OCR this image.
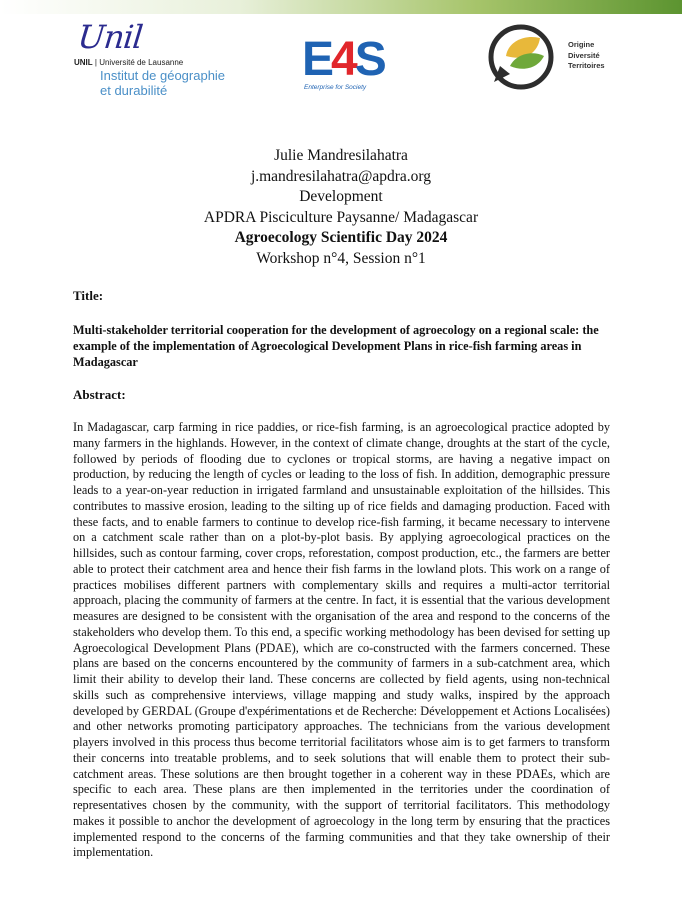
Unil
UNIL | Université de Lausanne
Institut de géographie
et durabilité
E4S
Enterprise for Society
Origine
Diversité
Territoires
Julie Mandresilahatra
j.mandresilahatra@apdra.org
Development
APDRA Pisciculture Paysanne/ Madagascar
Agroecology Scientific Day 2024
Workshop n°4, Session n°1
Title:
Multi-stakeholder territorial cooperation for the development of agroecology on a regional scale: the example of the implementation of Agroecological Development Plans in rice-fish farming areas in Madagascar
Abstract:
In Madagascar, carp farming in rice paddies, or rice-fish farming, is an agroecological practice adopted by many farmers in the highlands. However, in the context of climate change, droughts at the start of the cycle, followed by periods of flooding due to cyclones or tropical storms, are having a negative impact on production, by reducing the length of cycles or leading to the loss of fish. In addition, demographic pressure leads to a year-on-year reduction in irrigated farmland and unsustainable exploitation of the hillsides. This contributes to massive erosion, leading to the silting up of rice fields and damaging production. Faced with these facts, and to enable farmers to continue to develop rice-fish farming, it became necessary to intervene on a catchment scale rather than on a plot-by-plot basis. By applying agroecological practices on the hillsides, such as contour farming, cover crops, reforestation, compost production, etc., the farmers are better able to protect their catchment area and hence their fish farms in the lowland plots. This work on a range of practices mobilises different partners with complementary skills and requires a multi-actor territorial approach, placing the community of farmers at the centre. In fact, it is essential that the various development measures are designed to be consistent with the organisation of the area and respond to the concerns of the stakeholders who develop them. To this end, a specific working methodology has been devised for setting up Agroecological Development Plans (PDAE), which are co-constructed with the farmers concerned. These plans are based on the concerns encountered by the community of farmers in a sub-catchment area, which limit their ability to develop their land. These concerns are collected by field agents, using non-technical skills such as comprehensive interviews, village mapping and study walks, inspired by the approach developed by GERDAL (Groupe d'expérimentations et de Recherche: Développement et Actions Localisées) and other networks promoting participatory approaches. The technicians from the various development players involved in this process thus become territorial facilitators whose aim is to get farmers to transform their concerns into treatable problems, and to seek solutions that will enable them to protect their sub-catchment areas. These solutions are then brought together in a coherent way in these PDAEs, which are specific to each area. These plans are then implemented in the territories under the coordination of representatives chosen by the community, with the support of territorial facilitators. This methodology makes it possible to anchor the development of agroecology in the long term by ensuring that the practices implemented respond to the concerns of the farming communities and that they take ownership of their implementation.
